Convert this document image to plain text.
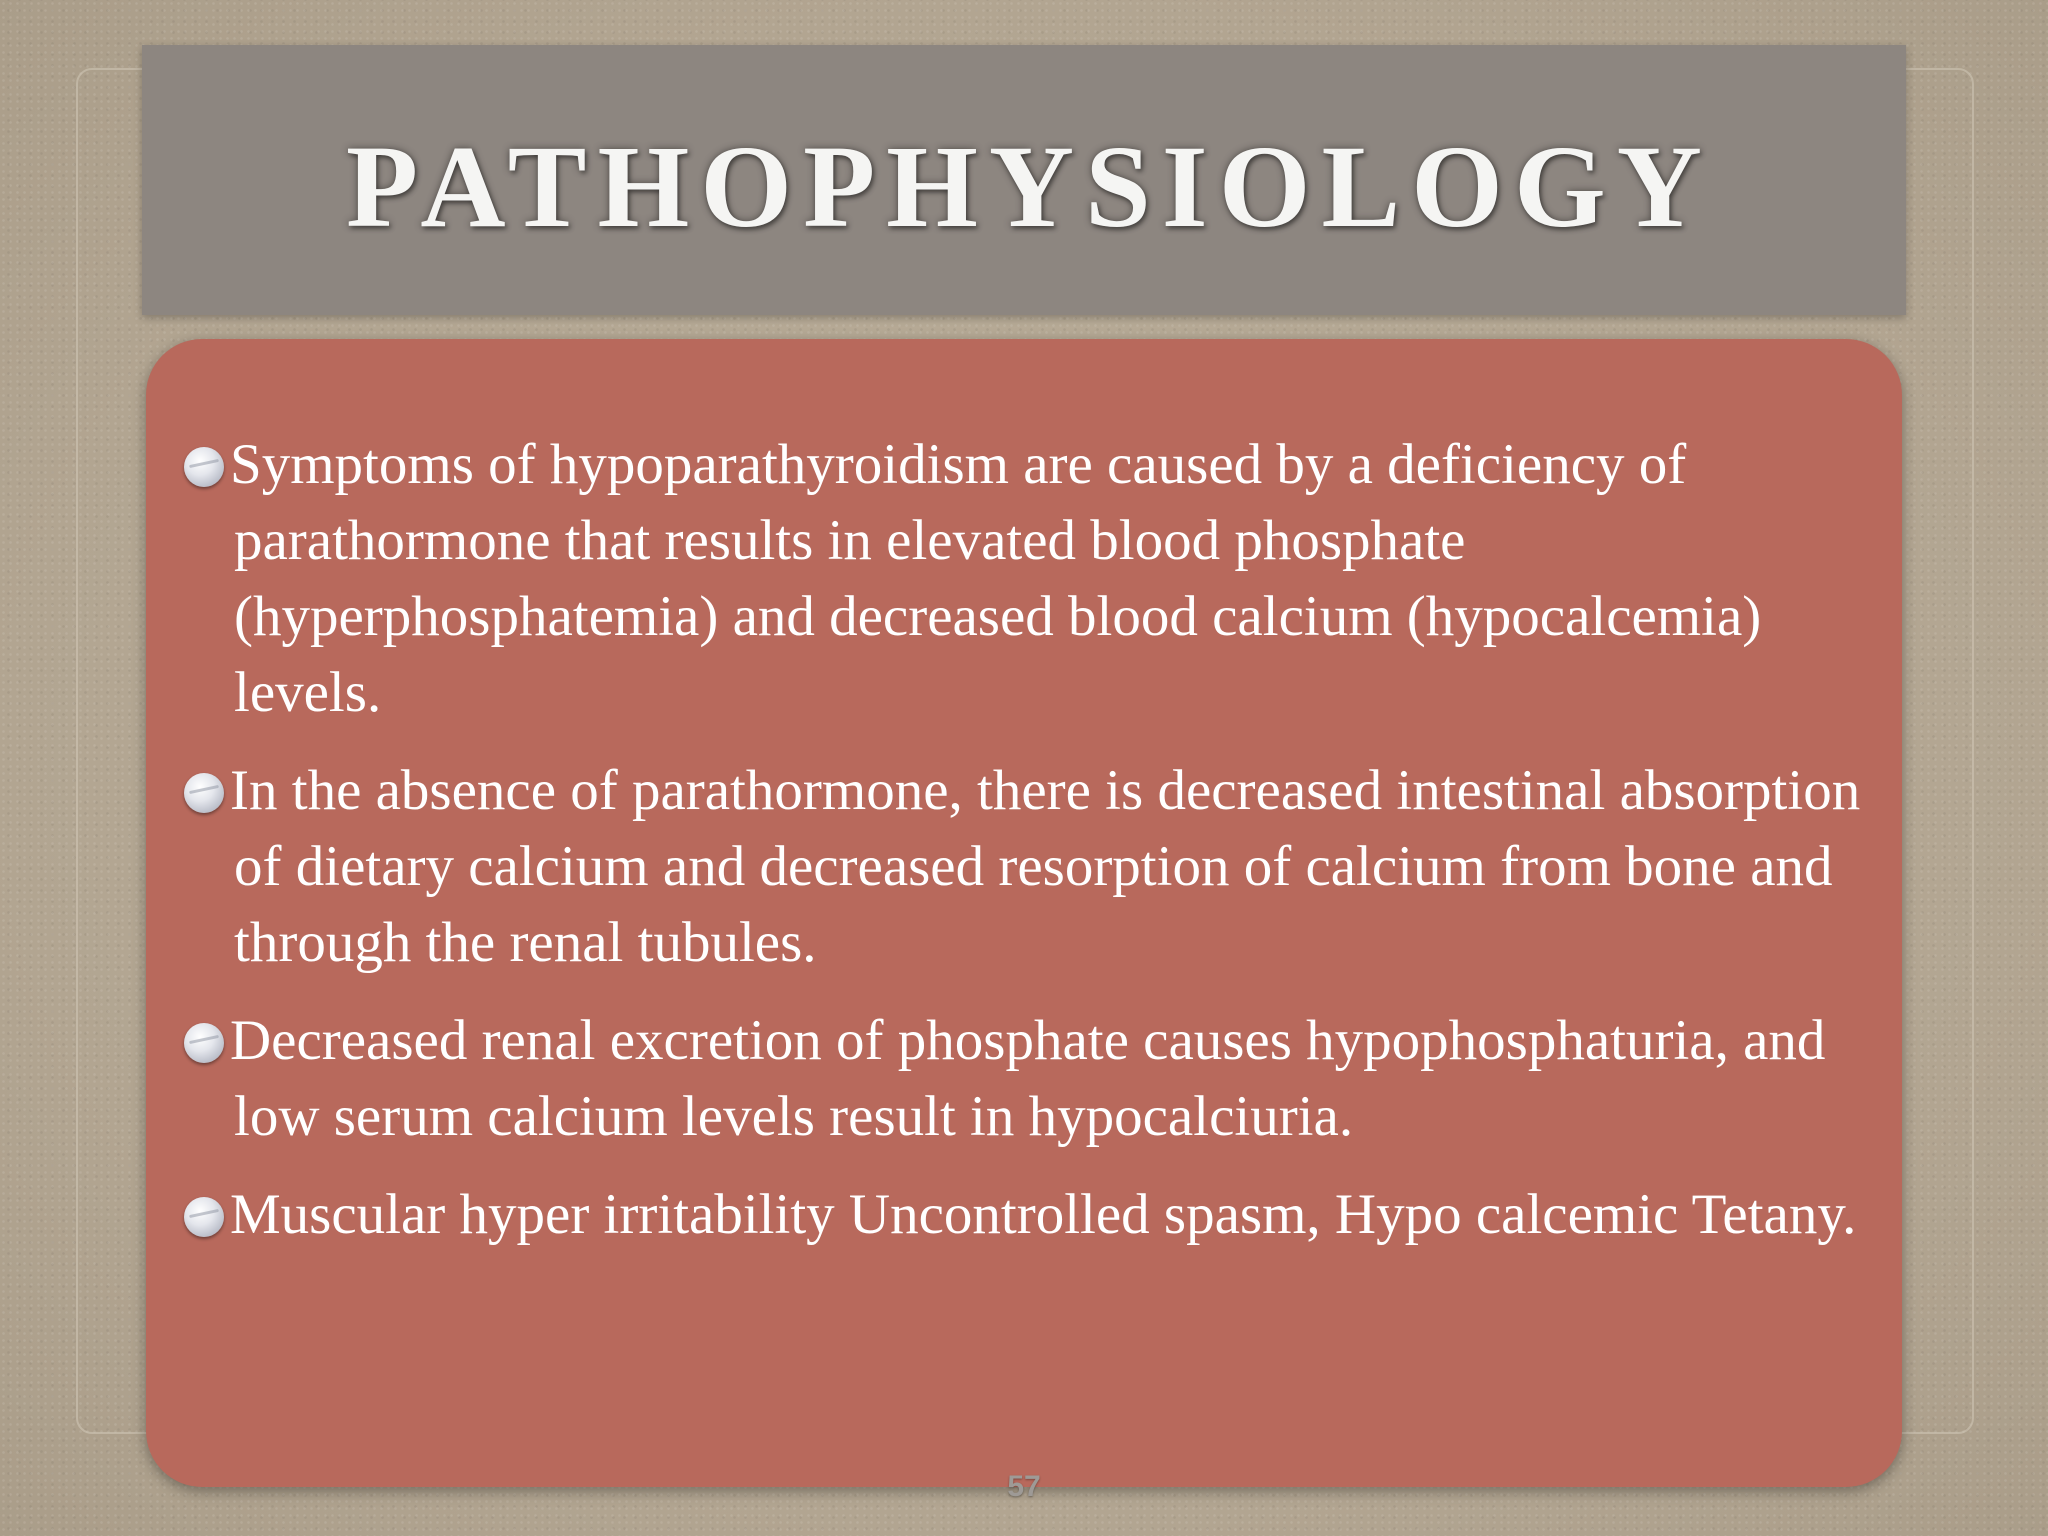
PATHOPHYSIOLOGY
Symptoms of hypoparathyroidism are caused by a deficiency of parathormone that results in elevated blood phosphate (hyperphosphatemia) and decreased blood calcium (hypocalcemia) levels.
In the absence of parathormone, there is decreased intestinal absorption of dietary calcium and decreased resorption of calcium from bone and through the renal tubules.
Decreased renal excretion of phosphate causes hypophosphaturia, and low serum calcium levels result in hypocalciuria.
Muscular hyper irritability Uncontrolled spasm, Hypo calcemic Tetany.
57
